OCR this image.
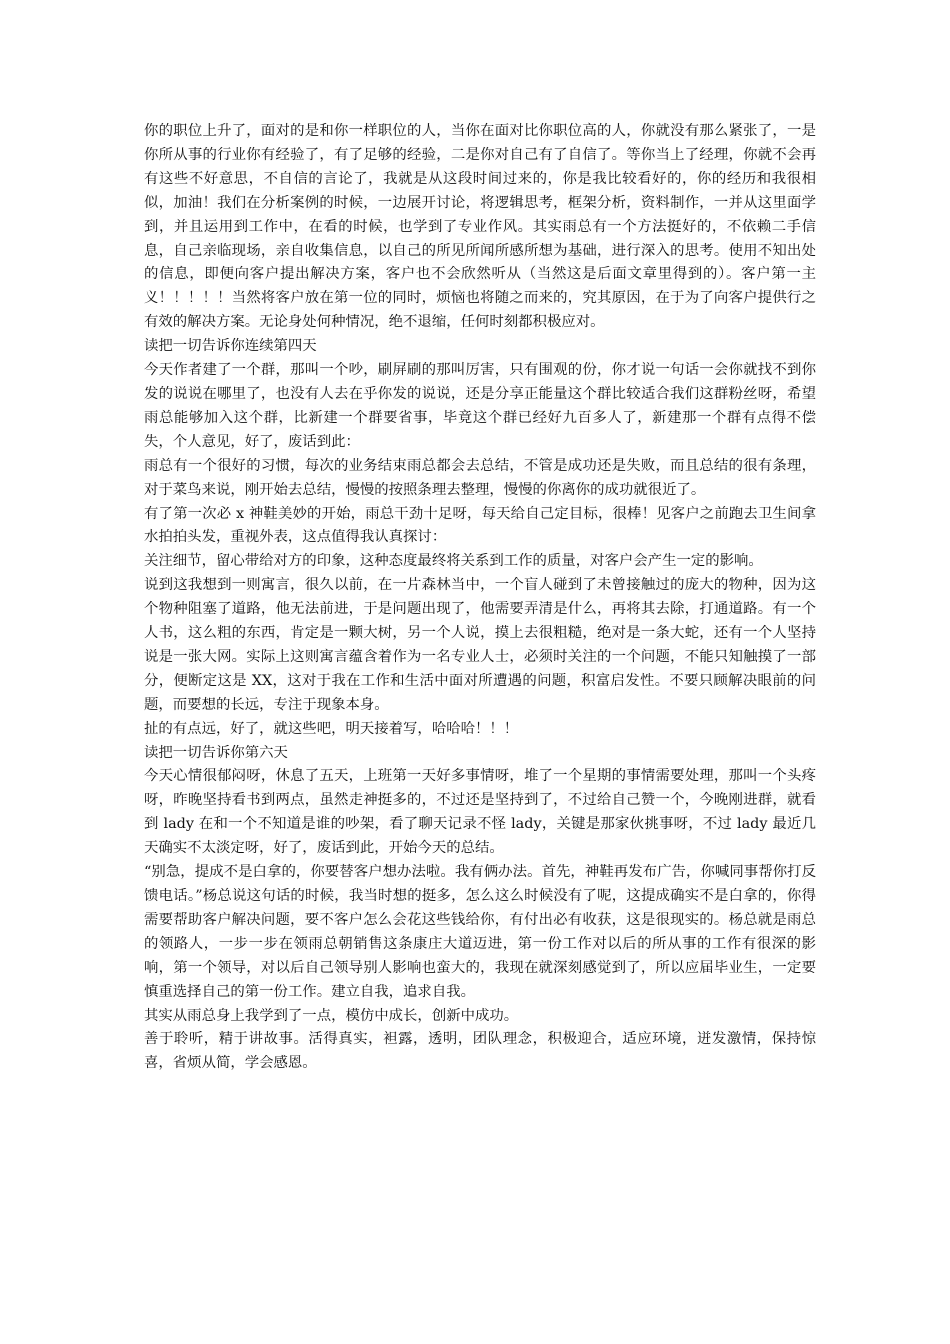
你的职位上升了，面对的是和你一样职位的人，当你在面对比你职位高的人，你就没有那么紧张了，一是你所从事的行业你有经验了，有了足够的经验，二是你对自己有了自信了。等你当上了经理，你就不会再有这些不好意思，不自信的言论了，我就是从这段时间过来的，你是我比较看好的，你的经历和我很相似，加油！我们在分析案例的时候，一边展开讨论，将逻辑思考，框架分析，资料制作，一并从这里面学到，并且运用到工作中，在看的时候，也学到了专业作风。其实雨总有一个方法挺好的，不依赖二手信息，自己亲临现场，亲自收集信息，以自己的所见所闻所感所想为基础，进行深入的思考。使用不知出处的信息，即便向客户提出解决方案，客户也不会欣然听从（当然这是后面文章里得到的）。客户第一主义！！！！！当然将客户放在第一位的同时，烦恼也将随之而来的，究其原因，在于为了向客户提供行之有效的解决方案。无论身处何种情况，绝不退缩，任何时刻都积极应对。

读把一切告诉你连续第四天

今天作者建了一个群，那叫一个吵，刷屏刷的那叫厉害，只有围观的份，你才说一句话一会你就找不到你发的说说在哪里了，也没有人去在乎你发的说说，还是分享正能量这个群比较适合我们这群粉丝呀，希望雨总能够加入这个群，比新建一个群要省事，毕竟这个群已经好九百多人了，新建那一个群有点得不偿失，个人意见，好了，废话到此：

雨总有一个很好的习惯，每次的业务结束雨总都会去总结，不管是成功还是失败，而且总结的很有条理，对于菜鸟来说，刚开始去总结，慢慢的按照条理去整理，慢慢的你离你的成功就很近了。

有了第一次必 x 神鞋美妙的开始，雨总干劲十足呀，每天给自己定目标，很棒！见客户之前跑去卫生间拿水拍拍头发，重视外表，这点值得我认真探讨：

关注细节，留心带给对方的印象，这种态度最终将关系到工作的质量，对客户会产生一定的影响。

说到这我想到一则寓言，很久以前，在一片森林当中，一个盲人碰到了未曾接触过的庞大的物种，因为这个物种阻塞了道路，他无法前进，于是问题出现了，他需要弄清是什么，再将其去除，打通道路。有一个人书，这么粗的东西，肯定是一颗大树，另一个人说，摸上去很粗糙，绝对是一条大蛇，还有一个人坚持说是一张大网。实际上这则寓言蕴含着作为一名专业人士，必须时关注的一个问题，不能只知触摸了一部分，便断定这是 XX，这对于我在工作和生活中面对所遭遇的问题，积富启发性。不要只顾解决眼前的问题，而要想的长远，专注于现象本身。

扯的有点远，好了，就这些吧，明天接着写，哈哈哈！！！

读把一切告诉你第六天

今天心情很郁闷呀，休息了五天，上班第一天好多事情呀，堆了一个星期的事情需要处理，那叫一个头疼呀，昨晚坚持看书到两点，虽然走神挺多的，不过还是坚持到了，不过给自己赞一个，今晚刚进群，就看到 lady 在和一个不知道是谁的吵架，看了聊天记录不怪 lady，关键是那家伙挑事呀，不过 lady 最近几天确实不太淡定呀，好了，废话到此，开始今天的总结。

“别急，提成不是白拿的，你要替客户想办法啦。我有俩办法。首先，神鞋再发布广告，你喊同事帮你打反馈电话。”杨总说这句话的时候，我当时想的挺多，怎么这么时候没有了呢，这提成确实不是白拿的，你得需要帮助客户解决问题，要不客户怎么会花这些钱给你，有付出必有收获，这是很现实的。杨总就是雨总的领路人，一步一步在领雨总朝销售这条康庄大道迈进，第一份工作对以后的所从事的工作有很深的影响，第一个领导，对以后自己领导别人影响也蛮大的，我现在就深刻感觉到了，所以应届毕业生，一定要慎重选择自己的第一份工作。建立自我，追求自我。

其实从雨总身上我学到了一点，模仿中成长，创新中成功。

善于聆听，精于讲故事。活得真实，袒露，透明，团队理念，积极迎合，适应环境，迸发激情，保持惊喜，省烦从简，学会感恩。
